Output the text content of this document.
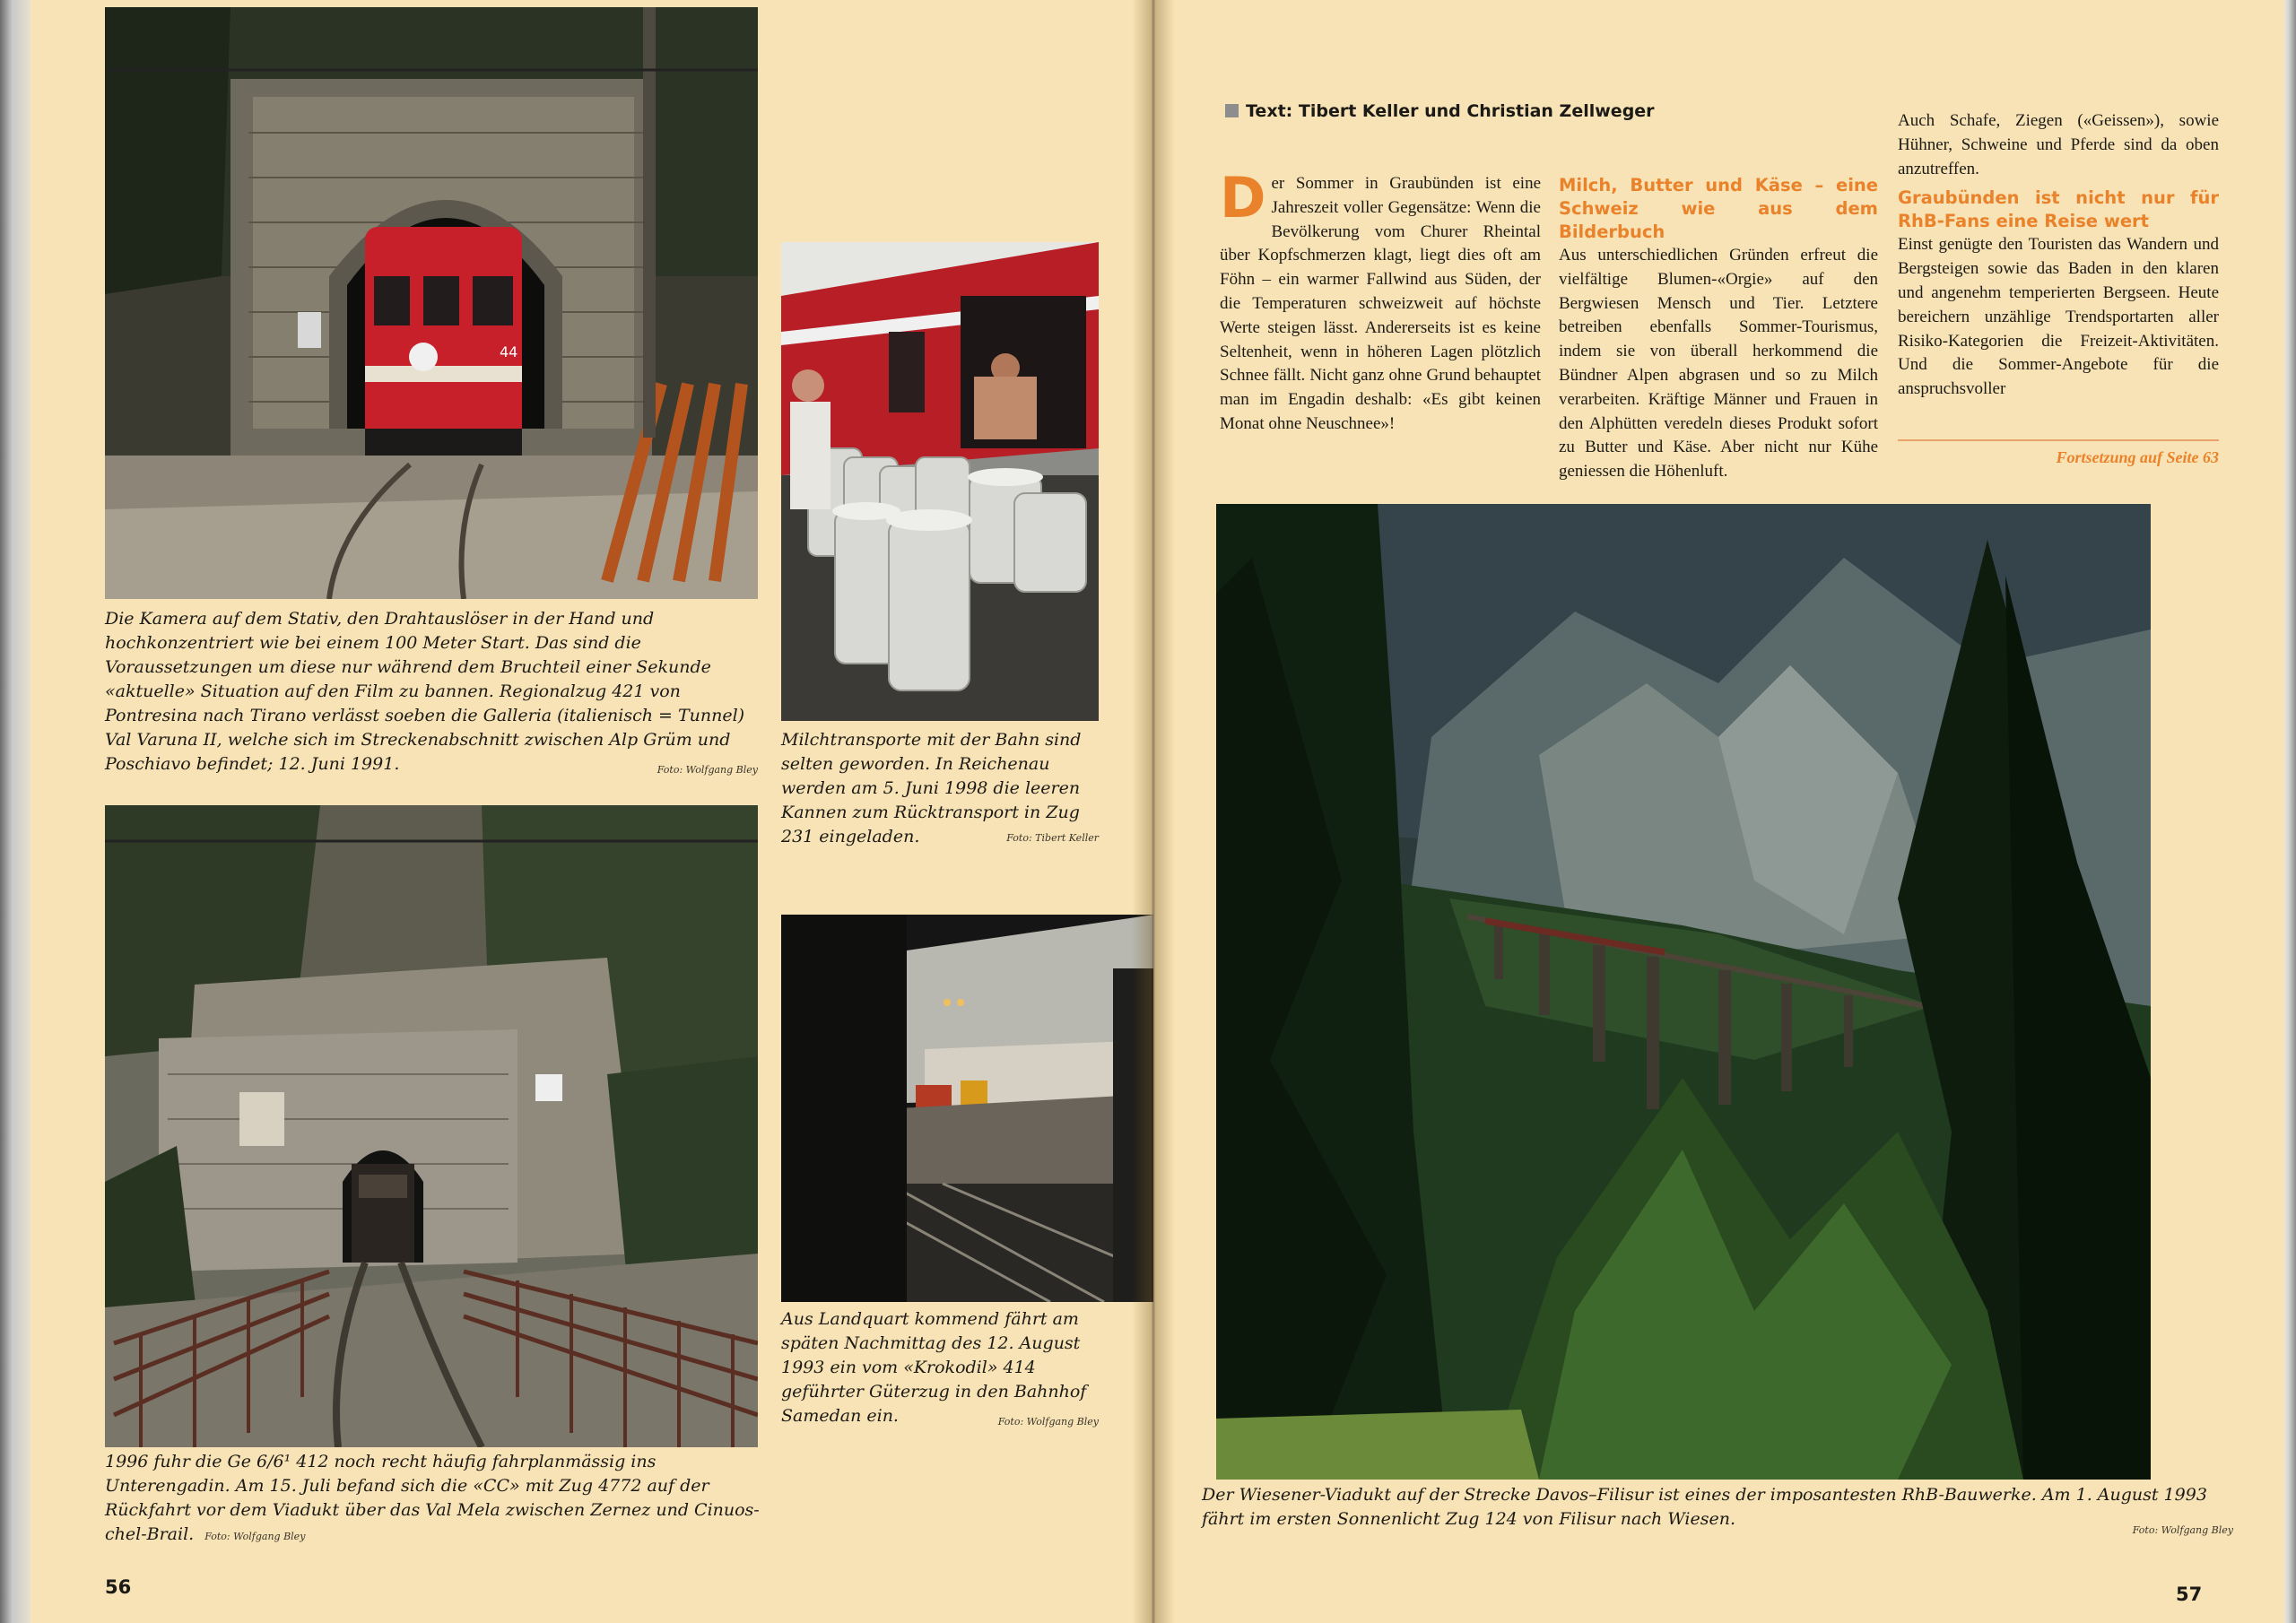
44
Die Kamera auf dem Stativ, den Drahtauslöser in der Hand und hochkonzentriert wie bei einem 100 Meter Start. Das sind die Voraussetzungen um diese nur während dem Bruchteil einer Sekunde «aktuelle» Situation auf den Film zu bannen. Regionalzug 421 von Pontresina nach Tirano verlässt soeben die Galleria (italienisch = Tunnel) Val Varuna II, welche sich im Streckenabschnitt zwischen Alp Grüm und Poschiavo befindet; 12. Juni 1991.	Foto: Wolfgang Bley
Milchtransporte mit der Bahn sind selten geworden. In Reichenau werden am 5. Juni 1998 die leeren Kannen zum Rücktransport in Zug 231 eingeladen.	Foto: Tibert Keller
1996 fuhr die Ge 6/6¹ 412 noch recht häufig fahrplanmässig ins Unterengadin. Am 15. Juli befand sich die «CC» mit Zug 4772 auf der Rückfahrt vor dem Viadukt über das Val Mela zwischen Zernez und Cinuos-chel-Brail. Foto: Wolfgang Bley
Aus Landquart kommend fährt am späten Nachmittag des 12. August 1993 ein vom «Krokodil» 414 geführter Güterzug in den Bahnhof Samedan ein.	Foto: Wolfgang Bley
56
Text: Tibert Keller und Christian Zellweger
Der Sommer in Graubünden ist eine Jahreszeit voller Gegensätze: Wenn die Bevölkerung vom Churer Rheintal über Kopfschmerzen klagt, liegt dies oft am Föhn – ein warmer Fallwind aus Süden, der die Temperaturen schweizweit auf höchste Werte steigen lässt. Andererseits ist es keine Seltenheit, wenn in höheren Lagen plötzlich Schnee fällt. Nicht ganz ohne Grund behauptet man im Engadin deshalb: «Es gibt keinen Monat ohne Neuschnee»!
Milch, Butter und Käse – eine Schweiz wie aus dem Bilderbuch
Aus unterschiedlichen Gründen erfreut die vielfältige Blumen-«Orgie» auf den Bergwiesen Mensch und Tier. Letztere betreiben ebenfalls Sommer-Tourismus, indem sie von überall herkommend die Bündner Alpen abgrasen und so zu Milch verarbeiten. Kräftige Männer und Frauen in den Alphütten veredeln dieses Produkt sofort zu Butter und Käse. Aber nicht nur Kühe geniessen die Höhenluft.
Auch Schafe, Ziegen («Geissen»), sowie Hühner, Schweine und Pferde sind da oben anzutreffen.
Graubünden ist nicht nur für RhB-Fans eine Reise wert
Einst genügte den Touristen das Wandern und Bergsteigen sowie das Baden in den klaren und angenehm temperierten Bergseen. Heute bereichern unzählige Trendsportarten aller Risiko-Kategorien die Freizeit-Aktivitäten. Und die Sommer-Angebote für die anspruchsvoller
Fortsetzung auf Seite 63
Der Wiesener-Viadukt auf der Strecke Davos–Filisur ist eines der imposantesten RhB-Bauwerke. Am 1. August 1993 fährt im ersten Sonnenlicht Zug 124 von Filisur nach Wiesen.
Foto: Wolfgang Bley
57
